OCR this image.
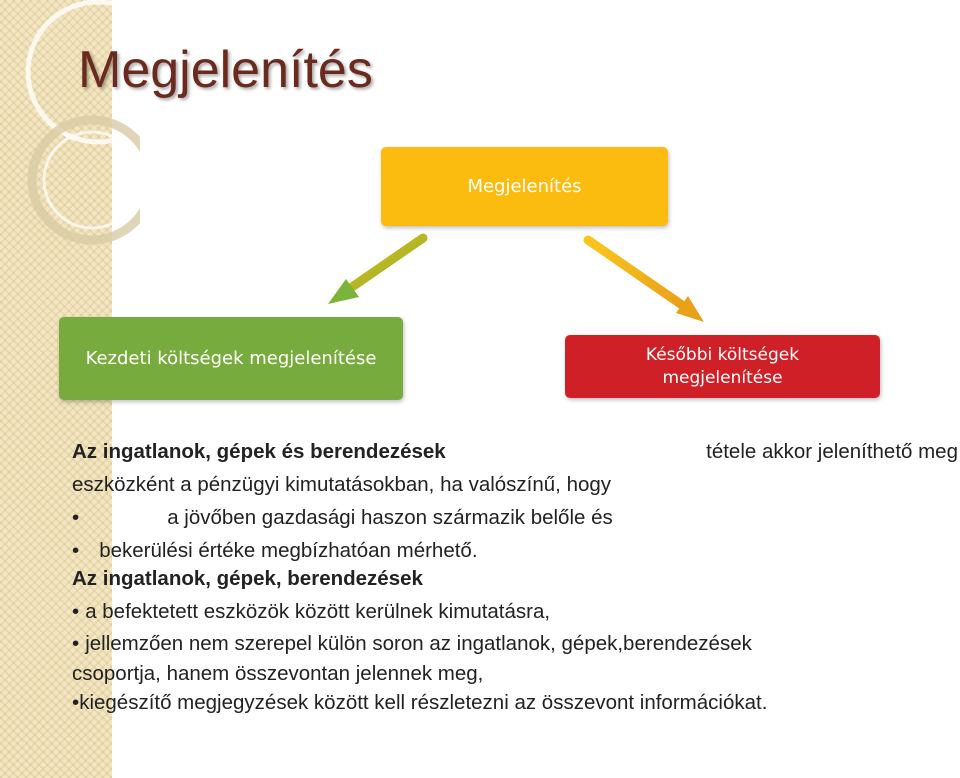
Megjelenítés
Megjelenítés
Kezdeti költségek megjelenítése	Későbbi költségek
megjelenítése
Az ingatlanok, gépek és berendezések	tétele akkor jeleníthető meg
eszközként a pénzügyi kimutatásokban, ha valószínű, hogy
•	a jövőben gazdasági haszon származik belőle és
• bekerülési értéke megbízhatóan mérhető.
Az ingatlanok, gépek, berendezések
• a befektetett eszközök között kerülnek kimutatásra,
• jellemzően nem szerepel külön soron az ingatlanok, gépek,berendezések
csoportja, hanem összevontan jelennek meg,
•kiegészítő megjegyzések között kell részletezni az összevont információkat.
